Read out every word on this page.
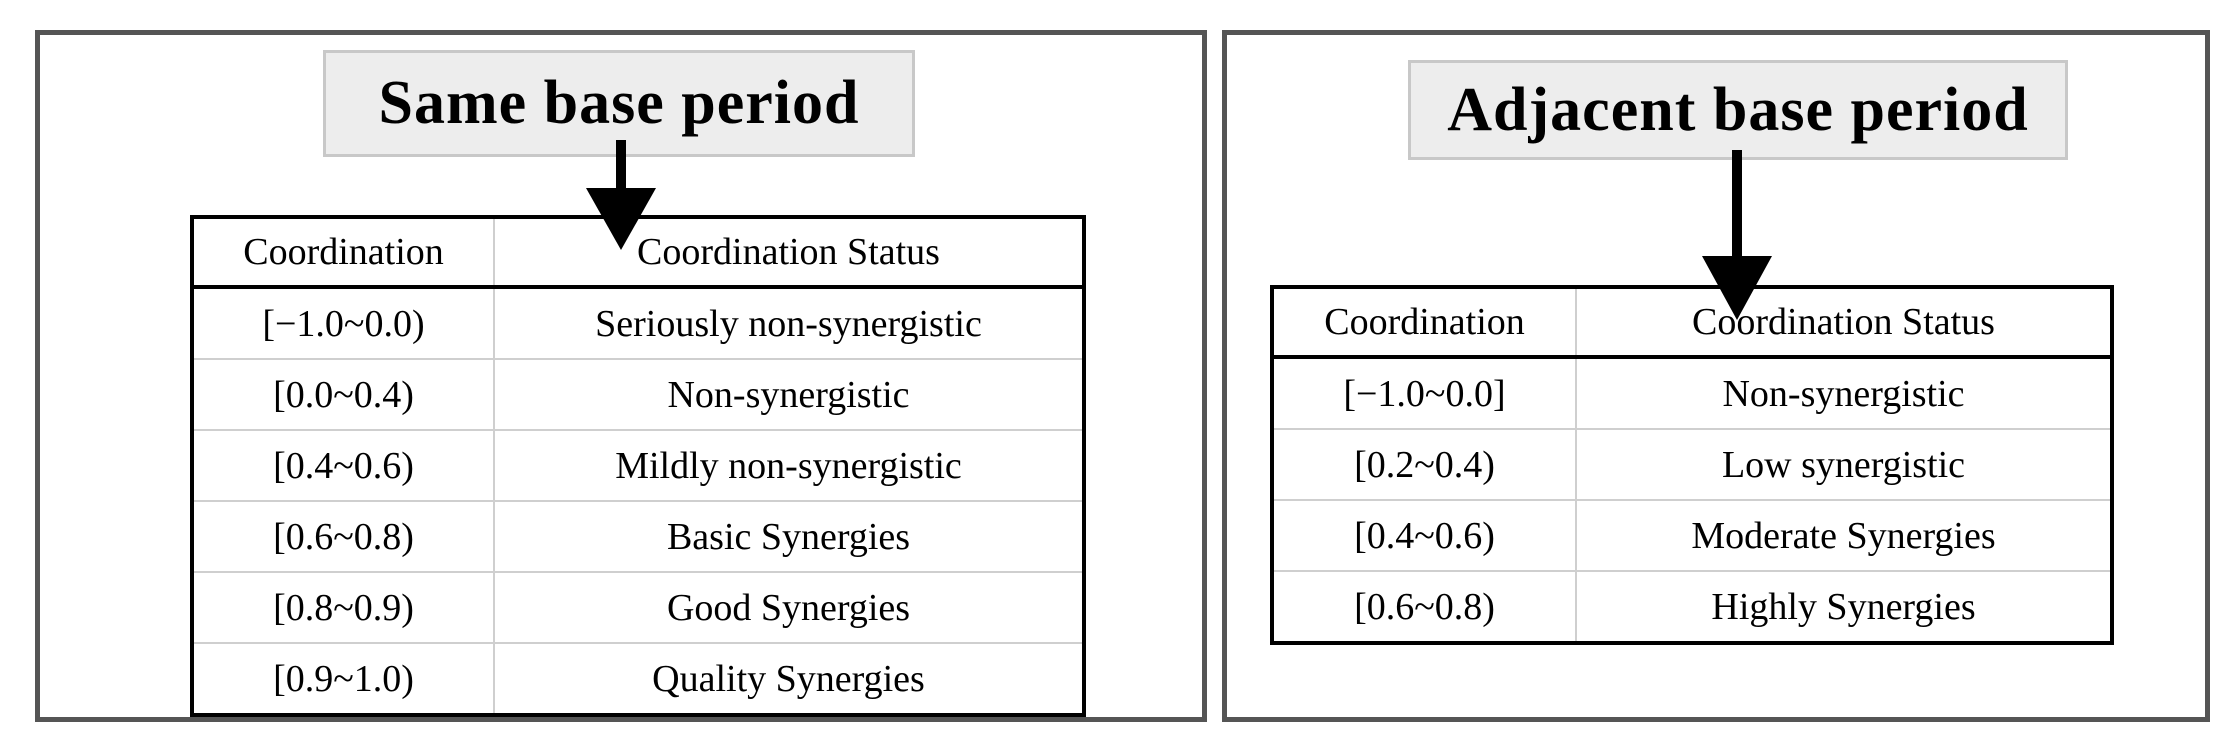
Same base period
Coordination	Coordination Status
[−1.0~0.0)	Seriously non-synergistic
[0.0~0.4)	Non-synergistic
[0.4~0.6)	Mildly non-synergistic
[0.6~0.8)	Basic Synergies
[0.8~0.9)	Good Synergies
[0.9~1.0)	Quality Synergies
Adjacent base period
Coordination	Coordination Status
[−1.0~0.0]	Non-synergistic
[0.2~0.4)	Low synergistic
[0.4~0.6)	Moderate Synergies
[0.6~0.8)	Highly Synergies
